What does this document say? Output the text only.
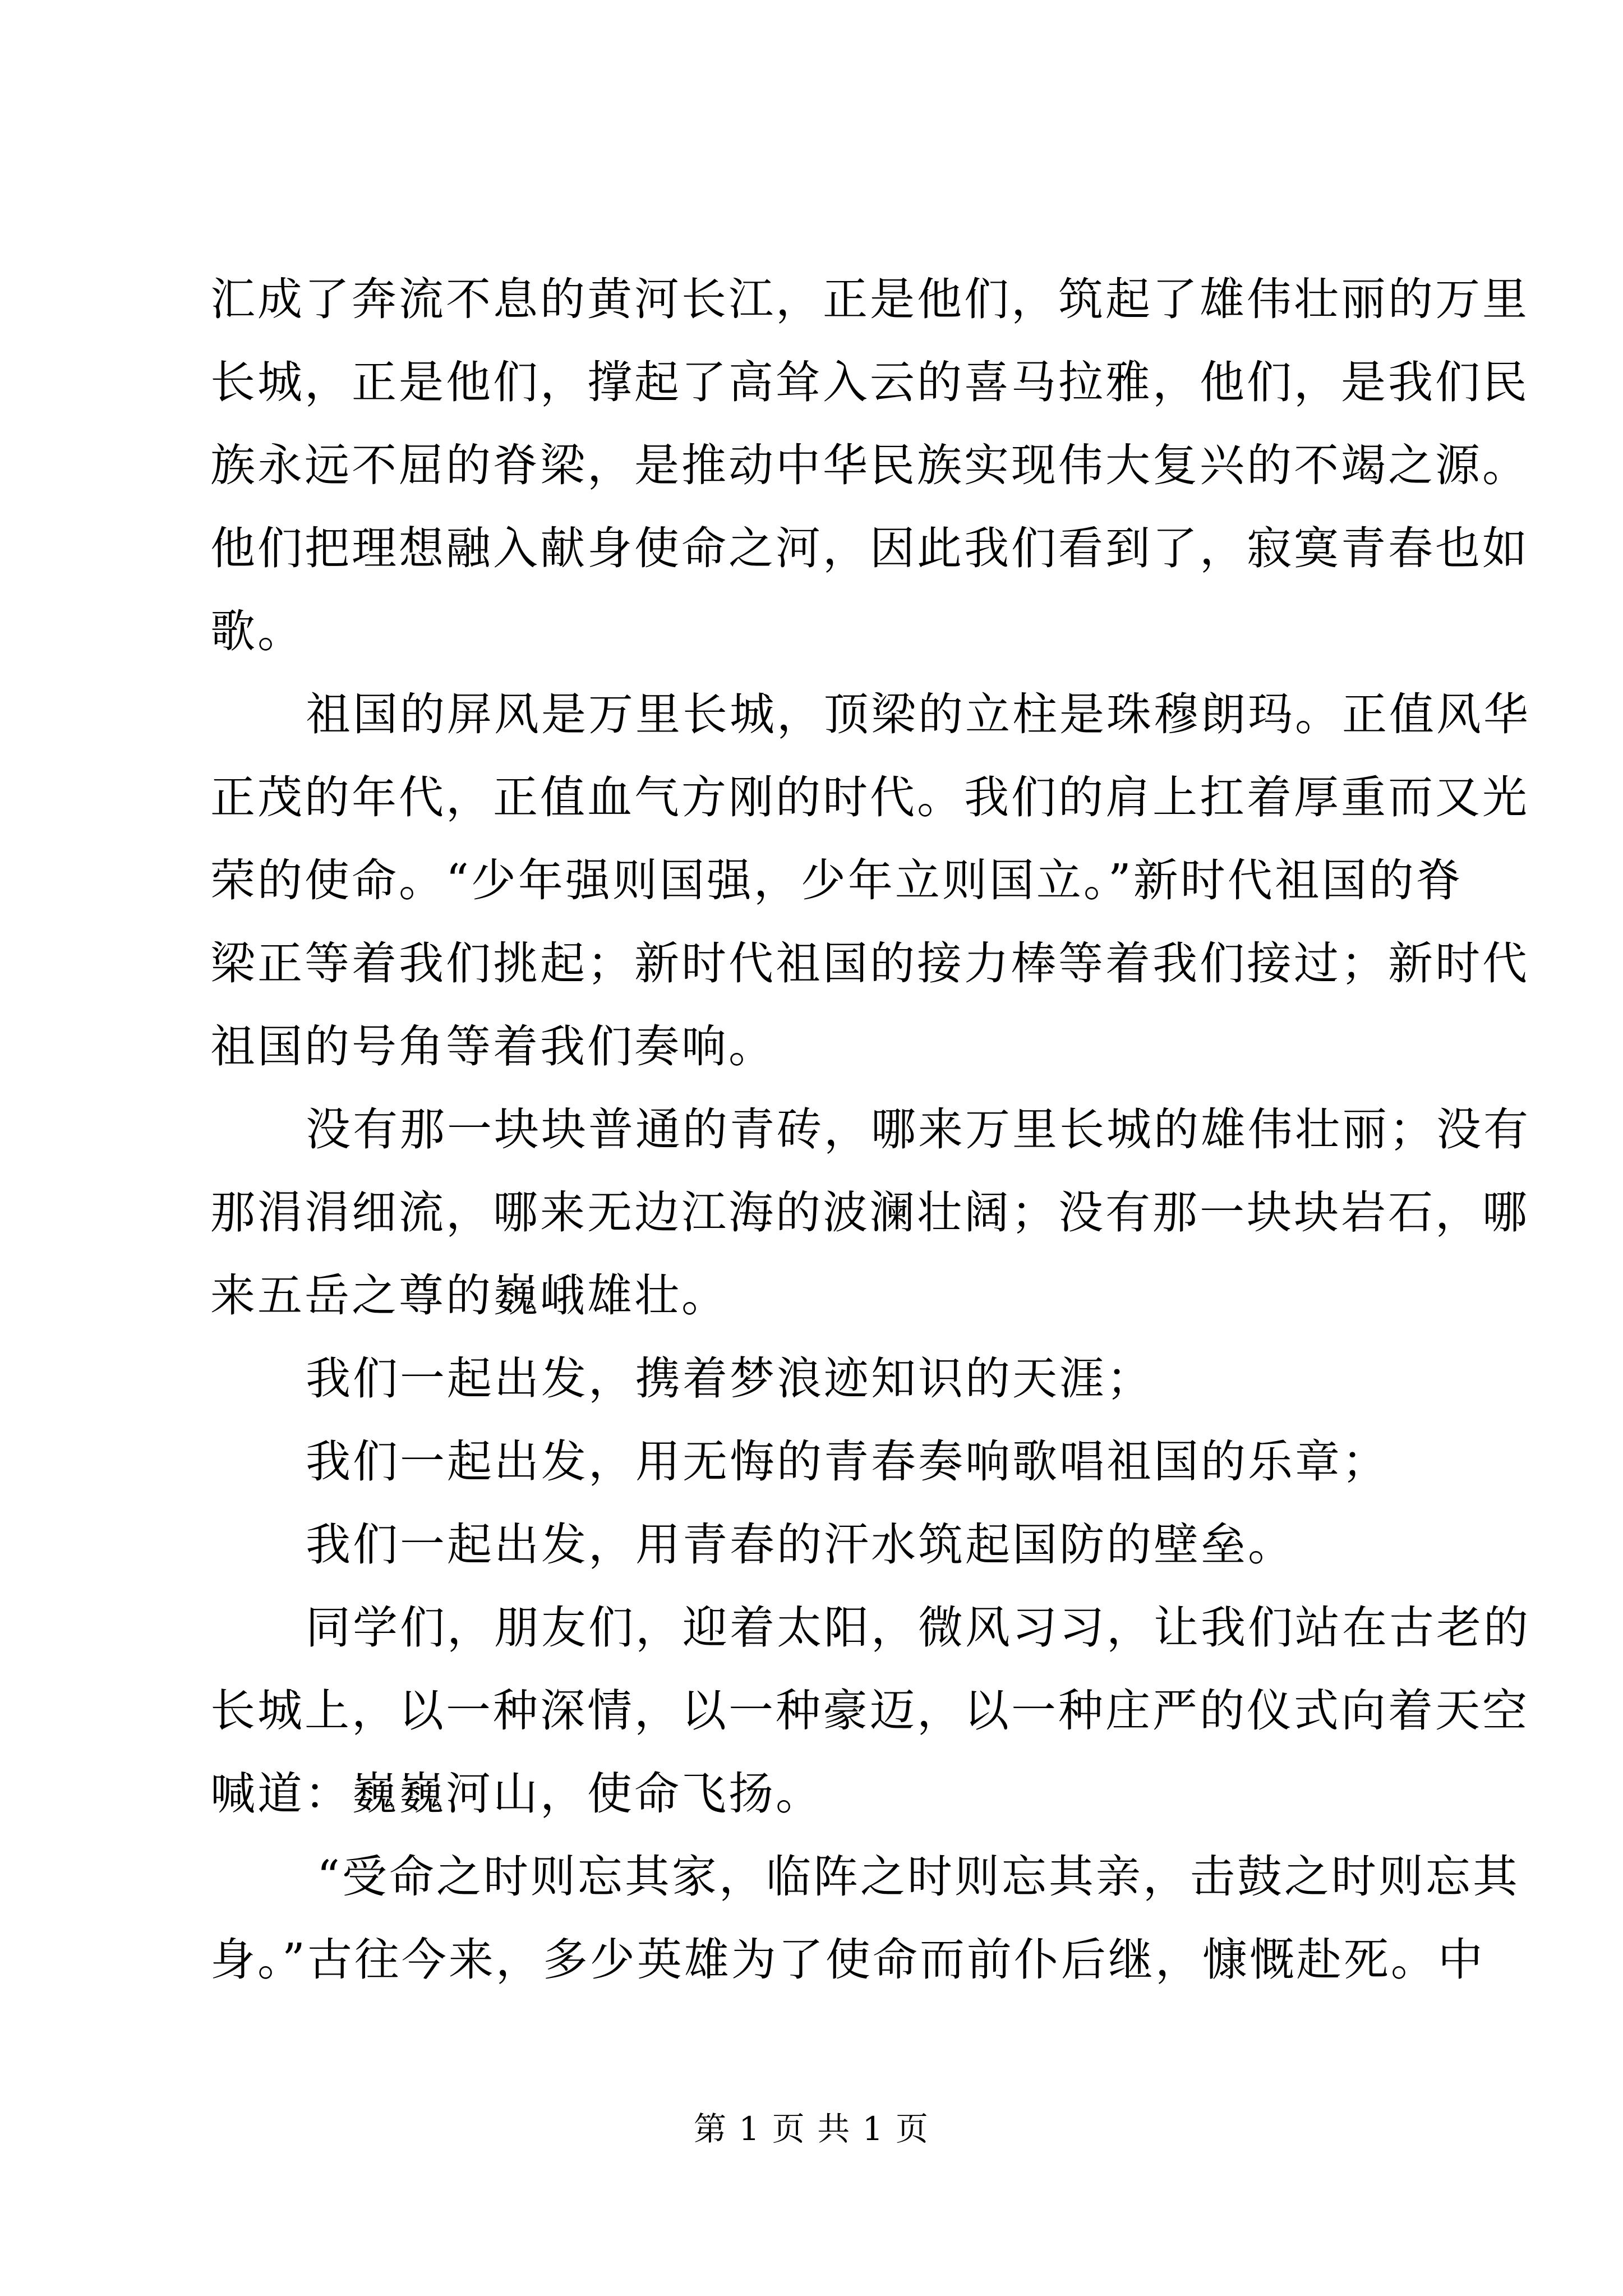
汇成了奔流不息的黄河长江，正是他们，筑起了雄伟壮丽的万里
长城，正是他们，撑起了高耸入云的喜马拉雅，他们，是我们民
族永远不屈的脊梁，是推动中华民族实现伟大复兴的不竭之源。
他们把理想融入献身使命之河，因此我们看到了，寂寞青春也如
歌。
祖国的屏风是万里长城，顶梁的立柱是珠穆朗玛。正值风华
正茂的年代，正值血气方刚的时代。我们的肩上扛着厚重而又光
荣的使命。“少年强则国强，少年立则国立。”新时代祖国的脊
梁正等着我们挑起；新时代祖国的接力棒等着我们接过；新时代
祖国的号角等着我们奏响。
没有那一块块普通的青砖，哪来万里长城的雄伟壮丽；没有
那涓涓细流，哪来无边江海的波澜壮阔；没有那一块块岩石，哪
来五岳之尊的巍峨雄壮。
我们一起出发，携着梦浪迹知识的天涯；
我们一起出发，用无悔的青春奏响歌唱祖国的乐章；
我们一起出发，用青春的汗水筑起国防的壁垒。
同学们，朋友们，迎着太阳，微风习习，让我们站在古老的
长城上，以一种深情，以一种豪迈，以一种庄严的仪式向着天空
喊道：巍巍河山，使命飞扬。
“受命之时则忘其家，临阵之时则忘其亲，击鼓之时则忘其
身。”古往今来，多少英雄为了使命而前仆后继，慷慨赴死。中
第 1 页 共 1 页
